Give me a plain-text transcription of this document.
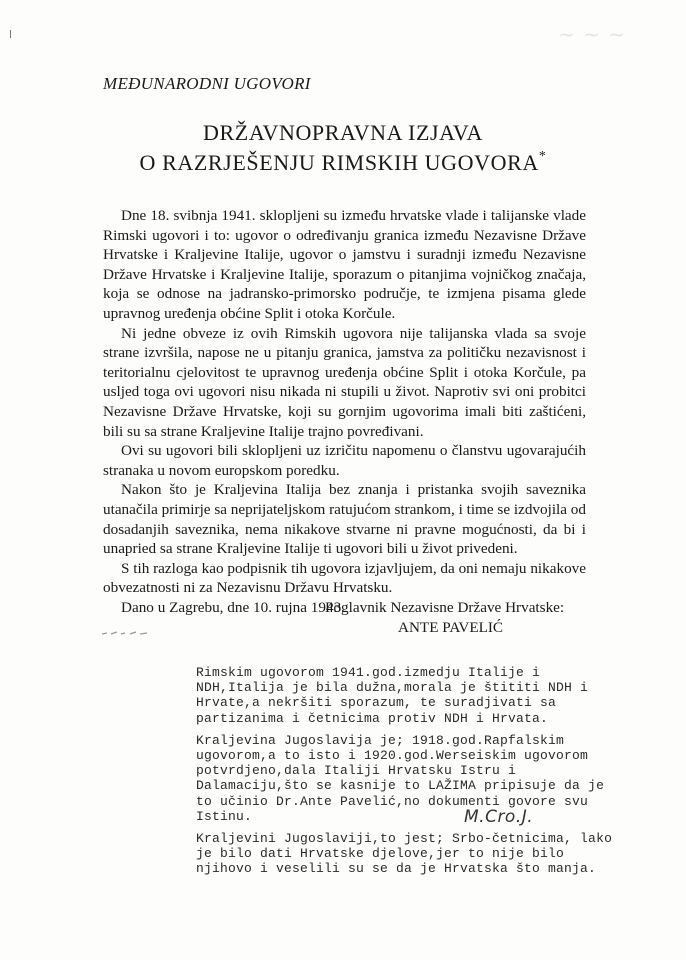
~ ~ ~
MEĐUNARODNI UGOVORI
DRŽAVNOPRAVNA IZJAVA
O RAZRJEŠENJU RIMSKIH UGOVORA*

Dne 18. svibnja 1941. sklopljeni su između hrvatske vlade i talijanske vlade Rimski ugovori i to: ugovor o određivanju granica između Nezavisne Države Hrvatske i Kraljevine Italije, ugovor o jamstvu i suradnji između Nezavisne Države Hrvatske i Kraljevine Italije, sporazum o pitanjima vojničkog značaja, koja se odnose na jadransko-primorsko područje, te izmjena pisama glede upravnog uređenja obćine Split i otoka Korčule.

Ni jedne obveze iz ovih Rimskih ugovora nije talijanska vlada sa svoje strane izvršila, napose ne u pitanju granica, jamstva za političku nezavisnost i teritorialnu cjelovitost te upravnog uređenja obćine Split i otoka Korčule, pa usljed toga ovi ugovori nisu nikada ni stupili u život. Naprotiv svi oni probitci Nezavisne Države Hrvatske, koji su gornjim ugovorima imali biti zaštićeni, bili su sa strane Kraljevine Italije trajno povređivani.

Ovi su ugovori bili sklopljeni uz izričitu napomenu o članstvu ugovarajućih stranaka u novom europskom poredku.

Nakon što je Kraljevina Italija bez znanja i pristanka svojih saveznika utanačila primirje sa neprijateljskom ratujućom strankom, i time se izdvojila od dosadanjih saveznika, nema nikakove stvarne ni pravne mogućnosti, da bi i unapried sa strane Kraljevine Italije ti ugovori bili u život privedeni.

S tih razloga kao podpisnik tih ugovora izjavljujem, da oni nemaju nikakove obvezatnosti ni za Nezavisnu Državu Hrvatsku.

Dano u Zagrebu, dne 10. rujna 1943.

Poglavnik Nezavisne Države Hrvatske:
ANTE PAVELIĆ

Rimskim ugovorom 1941.god.izmedju Italije i NDH,Italija je bila dužna,morala je štititi NDH i Hrvate,a nekršiti sporazum, te suradjivati sa partizanima i četnicima protiv NDH i Hrvata.

Kraljevina Jugoslavija je; 1918.god.Rapfalskim ugovorom,a to isto i 1920.god.Werseiskim ugovorom potvrdjeno,dala Italiji Hrvatsku Istru i Dalamaciju,što se kasnije to LAŽIMA pripisuje da je to učinio Dr.Ante Pavelić,no dokumenti govore svu Istinu.

Kraljevini Jugoslaviji,to jest; Srbo-četnicima, lako je bilo dati Hrvatske djelove,jer to nije bilo njihovo i veselili su se da je Hrvatska što manja.

M.Cro.J.
